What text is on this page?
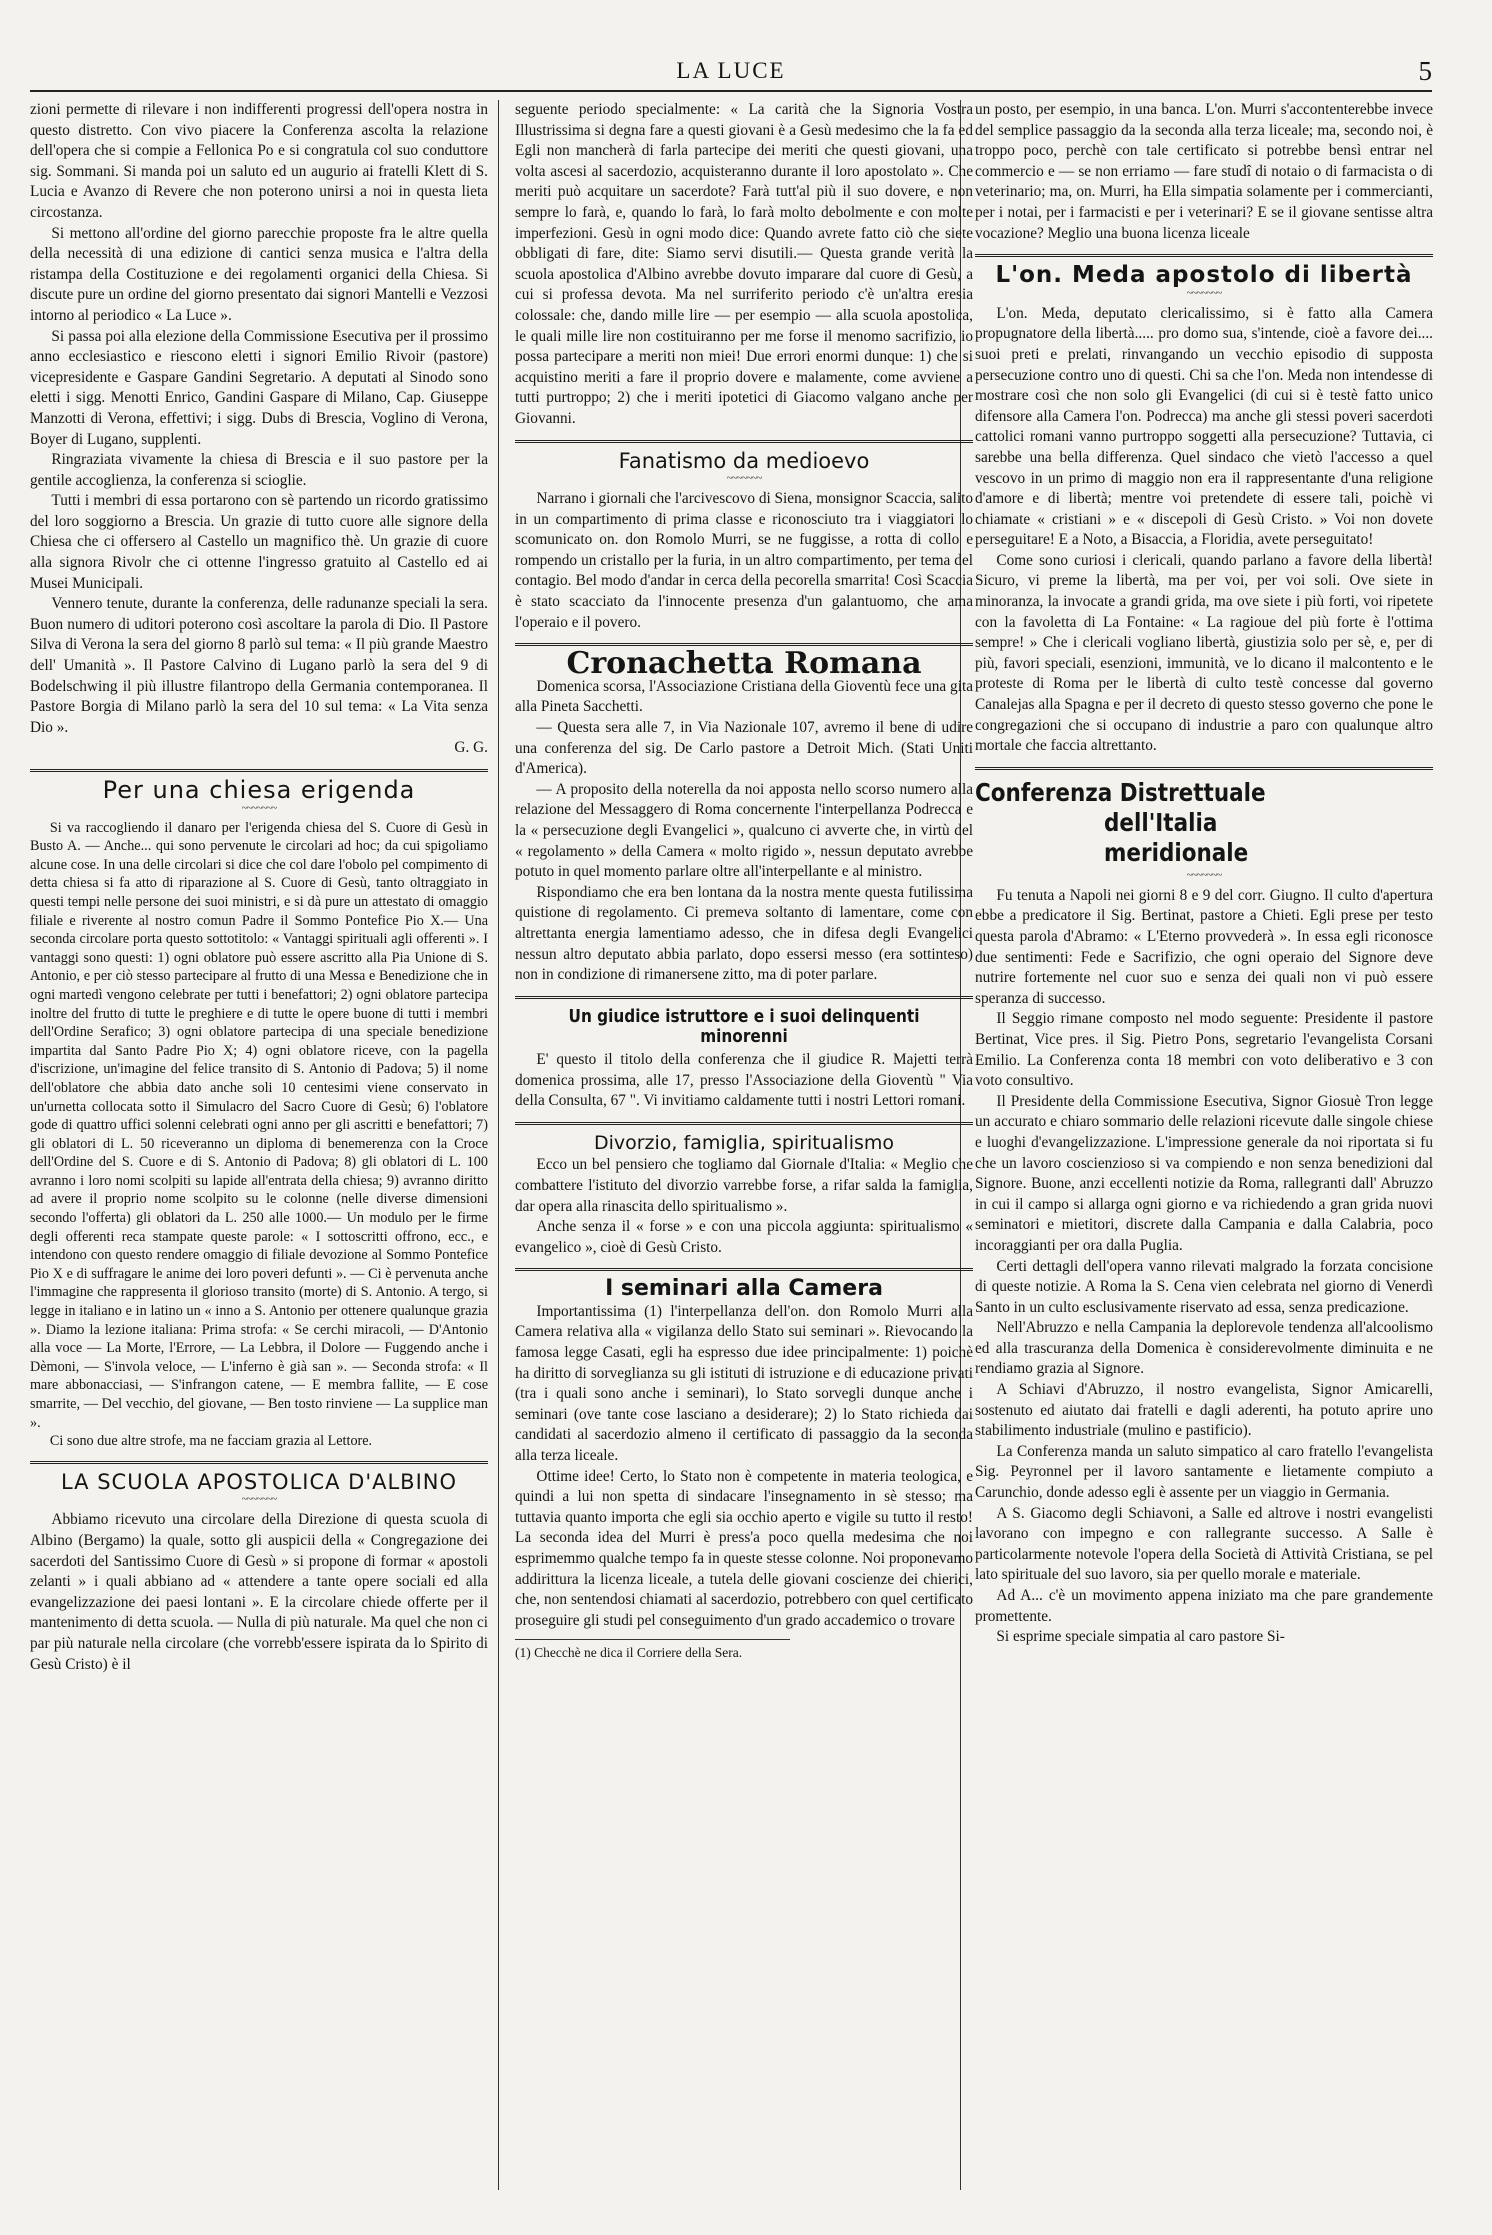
LA LUCE	5

zioni permette di rilevare i non indifferenti progressi dell'opera nostra in questo distretto. Con vivo piacere la Conferenza ascolta la relazione dell'opera che si compie a Fellonica Po e si congratula col suo conduttore sig. Sommani. Si manda poi un saluto ed un augurio ai fratelli Klett di S. Lucia e Avanzo di Revere che non poterono unirsi a noi in questa lieta circostanza.

Si mettono all'ordine del giorno parecchie proposte fra le altre quella della necessità di una edizione di cantici senza musica e l'altra della ristampa della Costituzione e dei regolamenti organici della Chiesa. Si discute pure un ordine del giorno presentato dai signori Mantelli e Vezzosi intorno al periodico « La Luce ».

Si passa poi alla elezione della Commissione Esecutiva per il prossimo anno ecclesiastico e riescono eletti i signori Emilio Rivoir (pastore) vicepresidente e Gaspare Gandini Segretario. A deputati al Sinodo sono eletti i sigg. Menotti Enrico, Gandini Gaspare di Milano, Cap. Giuseppe Manzotti di Verona, effettivi; i sigg. Dubs di Brescia, Voglino di Verona, Boyer di Lugano, supplenti.

Ringraziata vivamente la chiesa di Brescia e il suo pastore per la gentile accoglienza, la conferenza si scioglie.

Tutti i membri di essa portarono con sè partendo un ricordo gratissimo del loro soggiorno a Brescia. Un grazie di tutto cuore alle signore della Chiesa che ci offersero al Castello un magnifico thè. Un grazie di cuore alla signora Rivolr che ci ottenne l'ingresso gratuito al Castello ed ai Musei Municipali.

Vennero tenute, durante la conferenza, delle radunanze speciali la sera. Buon numero di uditori poterono così ascoltare la parola di Dio. Il Pastore Silva di Verona la sera del giorno 8 parlò sul tema: « Il più grande Maestro dell' Umanità ». Il Pastore Calvino di Lugano parlò la sera del 9 di Bodelschwing il più illustre filantropo della Germania contemporanea. Il Pastore Borgia di Milano parlò la sera del 10 sul tema: « La Vita senza Dio ».

G. G.

Per una chiesa erigenda
~~~~~~~

Si va raccogliendo il danaro per l'erigenda chiesa del S. Cuore di Gesù in Busto A. — Anche... qui sono pervenute le circolari ad hoc; da cui spigoliamo alcune cose. In una delle circolari si dice che col dare l'obolo pel compimento di detta chiesa si fa atto di riparazione al S. Cuore di Gesù, tanto oltraggiato in questi tempi nelle persone dei suoi ministri, e si dà pure un attestato di omaggio filiale e riverente al nostro comun Padre il Sommo Pontefice Pio X.— Una seconda circolare porta questo sottotitolo: « Vantaggi spirituali agli offerenti ». I vantaggi sono questi: 1) ogni oblatore può essere ascritto alla Pia Unione di S. Antonio, e per ciò stesso partecipare al frutto di una Messa e Benedizione che in ogni martedì vengono celebrate per tutti i benefattori; 2) ogni oblatore partecipa inoltre del frutto di tutte le preghiere e di tutte le opere buone di tutti i membri dell'Ordine Serafico; 3) ogni oblatore partecipa di una speciale benedizione impartita dal Santo Padre Pio X; 4) ogni oblatore riceve, con la pagella d'iscrizione, un'imagine del felice transito di S. Antonio di Padova; 5) il nome dell'oblatore che abbia dato anche soli 10 centesimi viene conservato in un'urnetta collocata sotto il Simulacro del Sacro Cuore di Gesù; 6) l'oblatore gode di quattro uffici solenni celebrati ogni anno per gli ascritti e benefattori; 7) gli oblatori di L. 50 riceveranno un diploma di benemerenza con la Croce dell'Ordine del S. Cuore e di S. Antonio di Padova; 8) gli oblatori di L. 100 avranno i loro nomi scolpiti su lapide all'entrata della chiesa; 9) avranno diritto ad avere il proprio nome scolpito su le colonne (nelle diverse dimensioni secondo l'offerta) gli oblatori da L. 250 alle 1000.— Un modulo per le firme degli offerenti reca stampate queste parole: « I sottoscritti offrono, ecc., e intendono con questo rendere omaggio di filiale devozione al Sommo Pontefice Pio X e di suffragare le anime dei loro poveri defunti ». — Ci è pervenuta anche l'immagine che rappresenta il glorioso transito (morte) di S. Antonio. A tergo, si legge in italiano e in latino un « inno a S. Antonio per ottenere qualunque grazia ». Diamo la lezione italiana: Prima strofa: « Se cerchi miracoli, — D'Antonio alla voce — La Morte, l'Errore, — La Lebbra, il Dolore — Fuggendo anche i Dèmoni, — S'invola veloce, — L'inferno è già san ». — Seconda strofa: « Il mare abbonacciasi, — S'infrangon catene, — E membra fallite, — E cose smarrite, — Del vecchio, del giovane, — Ben tosto rinviene — La supplice man ».

Ci sono due altre strofe, ma ne facciam grazia al Lettore.

LA SCUOLA APOSTOLICA D'ALBINO
~~~~~~~

Abbiamo ricevuto una circolare della Direzione di questa scuola di Albino (Bergamo) la quale, sotto gli auspicii della « Congregazione dei sacerdoti del Santissimo Cuore di Gesù » si propone di formar « apostoli zelanti » i quali abbiano ad « attendere a tante opere sociali ed alla evangelizzazione dei paesi lontani ». E la circolare chiede offerte per il mantenimento di detta scuola. — Nulla di più naturale. Ma quel che non ci par più naturale nella circolare (che vorrebb'essere ispirata da lo Spirito di Gesù Cristo) è il

seguente periodo specialmente: « La carità che la Signoria Vostra Illustrissima si degna fare a questi giovani è a Gesù medesimo che la fa ed Egli non mancherà di farla partecipe dei meriti che questi giovani, una volta ascesi al sacerdozio, acquisteranno durante il loro apostolato ». Che meriti può acquitare un sacerdote? Farà tutt'al più il suo dovere, e non sempre lo farà, e, quando lo farà, lo farà molto debolmente e con molte imperfezioni. Gesù in ogni modo dice: Quando avrete fatto ciò che siete obbligati di fare, dite: Siamo servi disutili.— Questa grande verità la scuola apostolica d'Albino avrebbe dovuto imparare dal cuore di Gesù, a cui si professa devota. Ma nel surriferito periodo c'è un'altra eresia colossale: che, dando mille lire — per esempio — alla scuola apostolica, le quali mille lire non costituiranno per me forse il menomo sacrifizio, io possa partecipare a meriti non miei! Due errori enormi dunque: 1) che si acquistino meriti a fare il proprio dovere e malamente, come avviene a tutti purtroppo; 2) che i meriti ipotetici di Giacomo valgano anche per Giovanni.

Fanatismo da medioevo
~~~~~~~

Narrano i giornali che l'arcivescovo di Siena, monsignor Scaccia, salito in un compartimento di prima classe e riconosciuto tra i viaggiatori lo scomunicato on. don Romolo Murri, se ne fuggisse, a rotta di collo e rompendo un cristallo per la furia, in un altro compartimento, per tema del contagio. Bel modo d'andar in cerca della pecorella smarrita! Così Scaccia è stato scacciato da l'innocente presenza d'un galantuomo, che ama l'operaio e il povero.

Cronachetta Romana

Domenica scorsa, l'Associazione Cristiana della Gioventù fece una gita alla Pineta Sacchetti.

— Questa sera alle 7, in Via Nazionale 107, avremo il bene di udire una conferenza del sig. De Carlo pastore a Detroit Mich. (Stati Uniti d'America).

— A proposito della noterella da noi apposta nello scorso numero alla relazione del Messaggero di Roma concernente l'interpellanza Podrecca e la « persecuzione degli Evangelici », qualcuno ci avverte che, in virtù del « regolamento » della Camera « molto rigido », nessun deputato avrebbe potuto in quel momento parlare oltre all'interpellante e al ministro.

Rispondiamo che era ben lontana da la nostra mente questa futilissima quistione di regolamento. Ci premeva soltanto di lamentare, come con altrettanta energia lamentiamo adesso, che in difesa degli Evangelici nessun altro deputato abbia parlato, dopo essersi messo (era sottinteso) non in condizione di rimanersene zitto, ma di poter parlare.

Un giudice istruttore e i suoi delinquenti minorenni

E' questo il titolo della conferenza che il giudice R. Majetti terrà domenica prossima, alle 17, presso l'Associazione della Gioventù " Via della Consulta, 67 ". Vi invitiamo caldamente tutti i nostri Lettori romani.

Divorzio, famiglia, spiritualismo

Ecco un bel pensiero che togliamo dal Giornale d'Italia: « Meglio che combattere l'istituto del divorzio varrebbe forse, a rifar salda la famiglia, dar opera alla rinascita dello spiritualismo ».

Anche senza il « forse » e con una piccola aggiunta: spiritualismo « evangelico », cioè di Gesù Cristo.

I seminari alla Camera

Importantissima (1) l'interpellanza dell'on. don Romolo Murri alla Camera relativa alla « vigilanza dello Stato sui seminari ». Rievocando la famosa legge Casati, egli ha espresso due idee principalmente: 1) poichè ha diritto di sorveglianza su gli istituti di istruzione e di educazione privati (tra i quali sono anche i seminari), lo Stato sorvegli dunque anche i seminari (ove tante cose lasciano a desiderare); 2) lo Stato richieda dai candidati al sacerdozio almeno il certificato di passaggio da la seconda alla terza liceale.

Ottime idee! Certo, lo Stato non è competente in materia teologica, e quindi a lui non spetta di sindacare l'insegnamento in sè stesso; ma tuttavia quanto importa che egli sia occhio aperto e vigile su tutto il resto! La seconda idea del Murri è press'a poco quella medesima che noi esprimemmo qualche tempo fa in queste stesse colonne. Noi proponevamo addirittura la licenza liceale, a tutela delle giovani coscienze dei chierici, che, non sentendosi chiamati al sacerdozio, potrebbero con quel certificato proseguire gli studi pel conseguimento d'un grado accademico o trovare

(1) Checchè ne dica il Corriere della Sera.

un posto, per esempio, in una banca. L'on. Murri s'accontenterebbe invece del semplice passaggio da la seconda alla terza liceale; ma, secondo noi, è troppo poco, perchè con tale certificato si potrebbe bensì entrar nel commercio e — se non erriamo — fare studî di notaio o di farmacista o di veterinario; ma, on. Murri, ha Ella simpatia solamente per i commercianti, per i notai, per i farmacisti e per i veterinari? E se il giovane sentisse altra vocazione? Meglio una buona licenza liceale

L'on. Meda apostolo di libertà
~~~~~~~

L'on. Meda, deputato clericalissimo, si è fatto alla Camera propugnatore della libertà..... pro domo sua, s'intende, cioè a favore dei.... suoi preti e prelati, rinvangando un vecchio episodio di supposta persecuzione contro uno di questi. Chi sa che l'on. Meda non intendesse di mostrare così che non solo gli Evangelici (di cui si è testè fatto unico difensore alla Camera l'on. Podrecca) ma anche gli stessi poveri sacerdoti cattolici romani vanno purtroppo soggetti alla persecuzione? Tuttavia, ci sarebbe una bella differenza. Quel sindaco che vietò l'accesso a quel vescovo in un primo di maggio non era il rappresentante d'una religione d'amore e di libertà; mentre voi pretendete di essere tali, poichè vi chiamate « cristiani » e « discepoli di Gesù Cristo. » Voi non dovete perseguitare! E a Noto, a Bisaccia, a Floridia, avete perseguitato!

Come sono curiosi i clericali, quando parlano a favore della libertà! Sicuro, vi preme la libertà, ma per voi, per voi soli. Ove siete in minoranza, la invocate a grandi grida, ma ove siete i più forti, voi ripetete con la favoletta di La Fontaine: « La ragioue del più forte è l'ottima sempre! » Che i clericali vogliano libertà, giustizia solo per sè, e, per di più, favori speciali, esenzioni, immunità, ve lo dicano il malcontento e le proteste di Roma per le libertà di culto testè concesse dal governo Canalejas alla Spagna e per il decreto di questo stesso governo che pone le congregazioni che si occupano di industrie a paro con qualunque altro mortale che faccia altrettanto.

Conferenza Distrettuale
dell'Italia meridionale
~~~~~~~

Fu tenuta a Napoli nei giorni 8 e 9 del corr. Giugno. Il culto d'apertura ebbe a predicatore il Sig. Bertinat, pastore a Chieti. Egli prese per testo questa parola d'Abramo: « L'Eterno provvederà ». In essa egli riconosce due sentimenti: Fede e Sacrifizio, che ogni operaio del Signore deve nutrire fortemente nel cuor suo e senza dei quali non vi può essere speranza di successo.

Il Seggio rimane composto nel modo seguente: Presidente il pastore Bertinat, Vice pres. il Sig. Pietro Pons, segretario l'evangelista Corsani Emilio. La Conferenza conta 18 membri con voto deliberativo e 3 con voto consultivo.

Il Presidente della Commissione Esecutiva, Signor Giosuè Tron legge un accurato e chiaro sommario delle relazioni ricevute dalle singole chiese e luoghi d'evangelizzazione. L'impressione generale da noi riportata si fu che un lavoro coscienzioso si va compiendo e non senza benedizioni dal Signore. Buone, anzi eccellenti notizie da Roma, rallegranti dall' Abruzzo in cui il campo si allarga ogni giorno e va richiedendo a gran grida nuovi seminatori e mietitori, discrete dalla Campania e dalla Calabria, poco incoraggianti per ora dalla Puglia.

Certi dettagli dell'opera vanno rilevati malgrado la forzata concisione di queste notizie. A Roma la S. Cena vien celebrata nel giorno di Venerdì Santo in un culto esclusivamente riservato ad essa, senza predicazione.

Nell'Abruzzo e nella Campania la deplorevole tendenza all'alcoolismo ed alla trascuranza della Domenica è considerevolmente diminuita e ne rendiamo grazia al Signore.

A Schiavi d'Abruzzo, il nostro evangelista, Signor Amicarelli, sostenuto ed aiutato dai fratelli e dagli aderenti, ha potuto aprire uno stabilimento industriale (mulino e pastificio).

La Conferenza manda un saluto simpatico al caro fratello l'evangelista Sig. Peyronnel per il lavoro santamente e lietamente compiuto a Carunchio, donde adesso egli è assente per un viaggio in Germania.

A S. Giacomo degli Schiavoni, a Salle ed altrove i nostri evangelisti lavorano con impegno e con rallegrante successo. A Salle è particolarmente notevole l'opera della Società di Attività Cristiana, se pel lato spirituale del suo lavoro, sia per quello morale e materiale.

Ad A... c'è un movimento appena iniziato ma che pare grandemente promettente.

Si esprime speciale simpatia al caro pastore Si-
